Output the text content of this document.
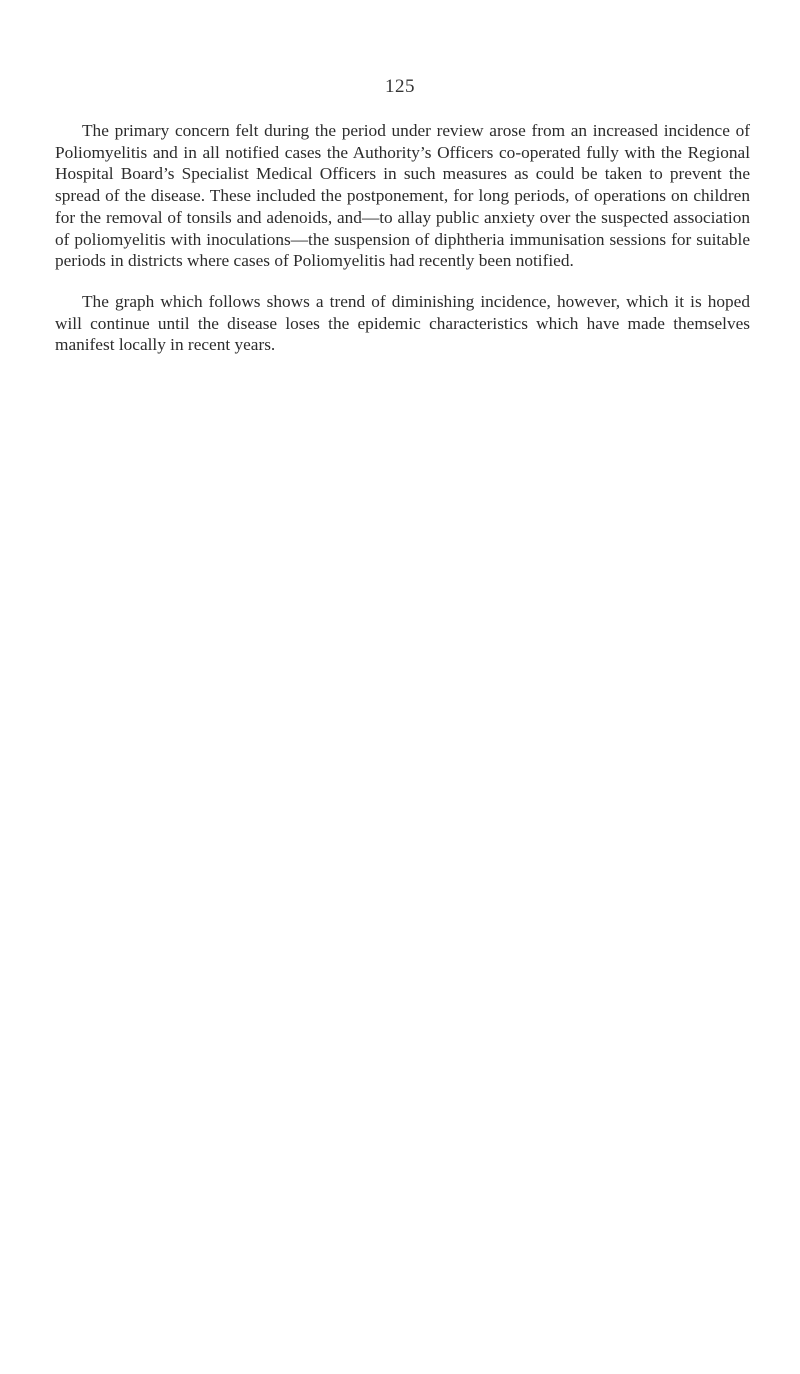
125

The primary concern felt during the period under review arose from an increased incidence of Poliomyelitis and in all notified cases the Authority’s Officers co-operated fully with the Regional Hospital Board’s Specialist Medical Officers in such measures as could be taken to prevent the spread of the disease. These included the postponement, for long periods, of operations on children for the removal of tonsils and adenoids, and—to allay public anxiety over the suspected association of poliomyelitis with inoculations—the suspension of diphtheria immunisation sessions for suitable periods in districts where cases of Poliomyelitis had recently been notified.

The graph which follows shows a trend of diminishing incidence, however, which it is hoped will continue until the disease loses the epidemic characteristics which have made themselves manifest locally in recent years.
